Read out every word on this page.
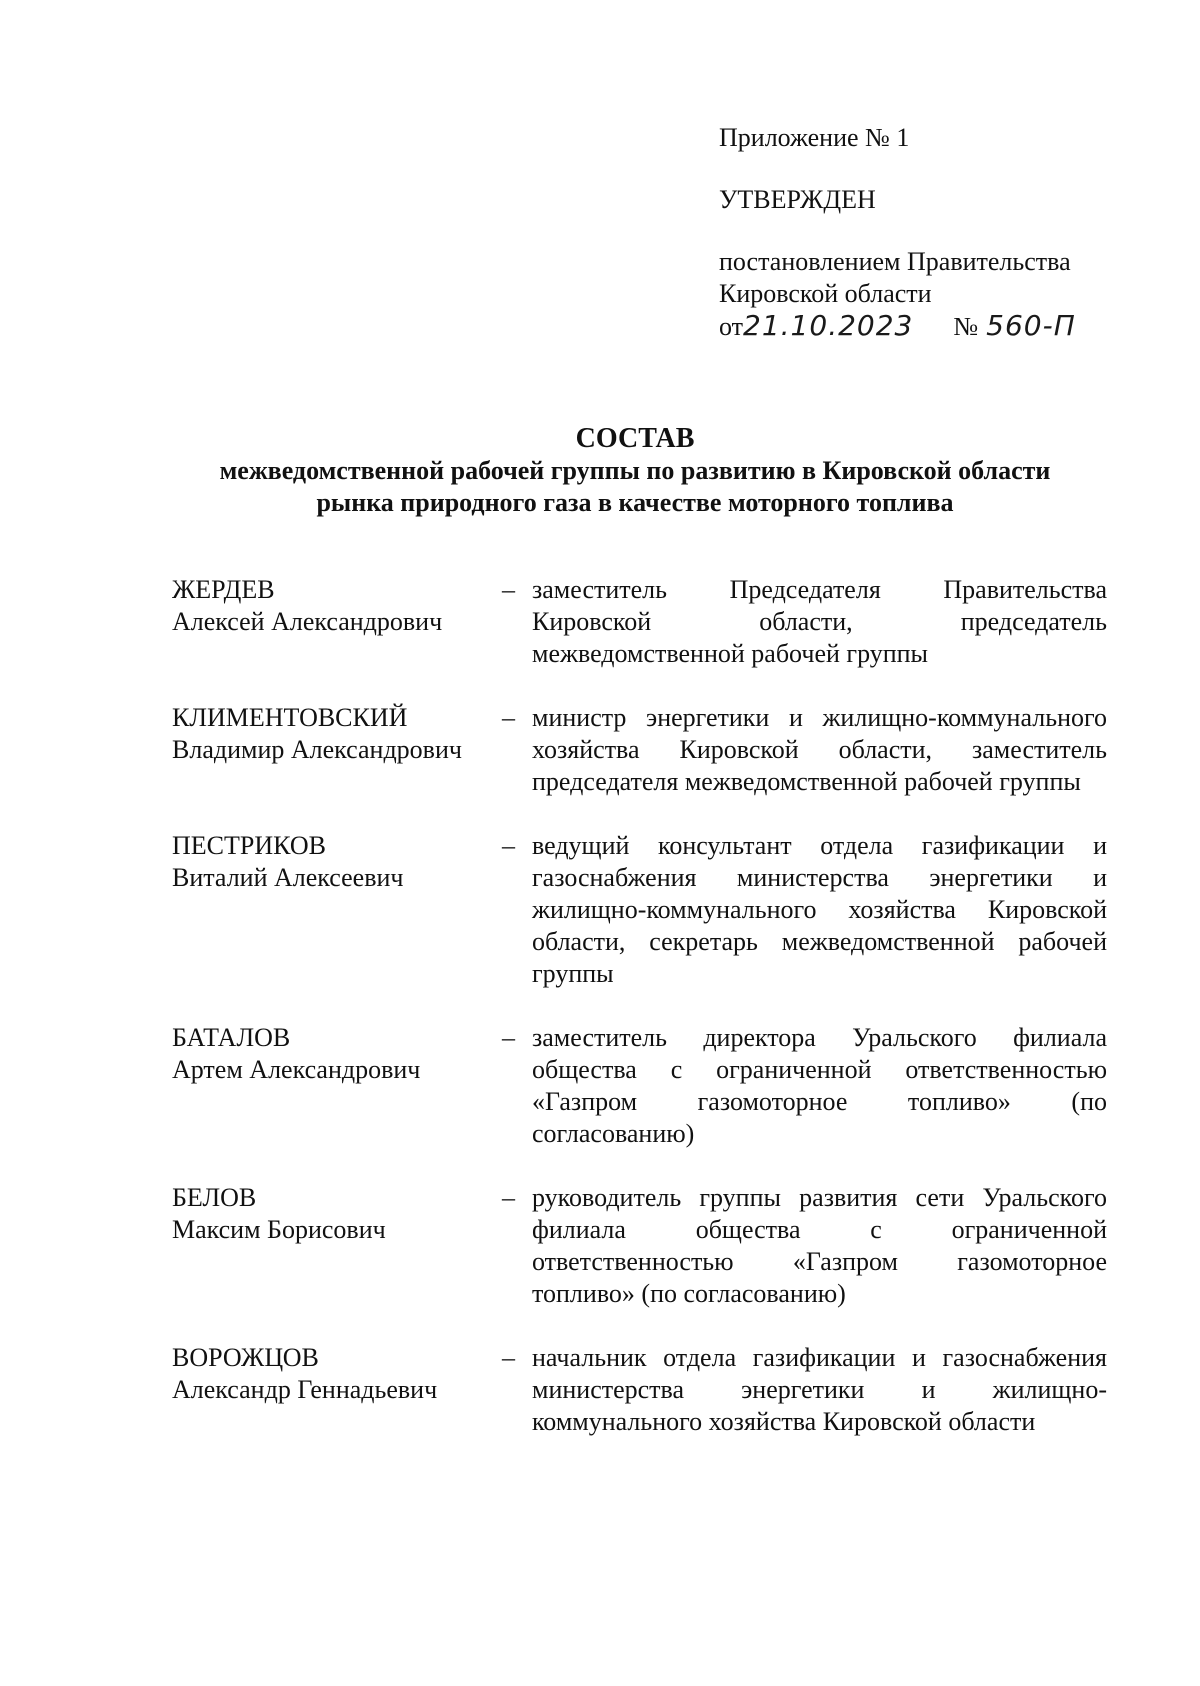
Приложение № 1
УТВЕРЖДЕН
постановлением Правительства
Кировской области
от 21.10.2023 № 560-П
СОСТАВ
межведомственной рабочей группы по развитию в Кировской области
рынка природного газа в качестве моторного топлива
ЖЕРДЕВ
Алексей Александрович
– заместитель Председателя Правительства Кировской области, председатель межведомственной рабочей группы
КЛИМЕНТОВСКИЙ
Владимир Александрович
– министр энергетики и жилищно-коммунального хозяйства Кировской области, заместитель председателя межведомственной рабочей группы
ПЕСТРИКОВ
Виталий Алексеевич
– ведущий консультант отдела газификации и газоснабжения министерства энергетики и жилищно-коммунального хозяйства Кировской области, секретарь межведомственной рабочей группы
БАТАЛОВ
Артем Александрович
– заместитель директора Уральского филиала общества с ограниченной ответственностью «Газпром газомоторное топливо» (по согласованию)
БЕЛОВ
Максим Борисович
– руководитель группы развития сети Уральского филиала общества с ограниченной ответственностью «Газпром газомоторное топливо» (по согласованию)
ВОРОЖЦОВ
Александр Геннадьевич
– начальник отдела газификации и газоснабжения министерства энергетики и жилищно-коммунального хозяйства Кировской области
